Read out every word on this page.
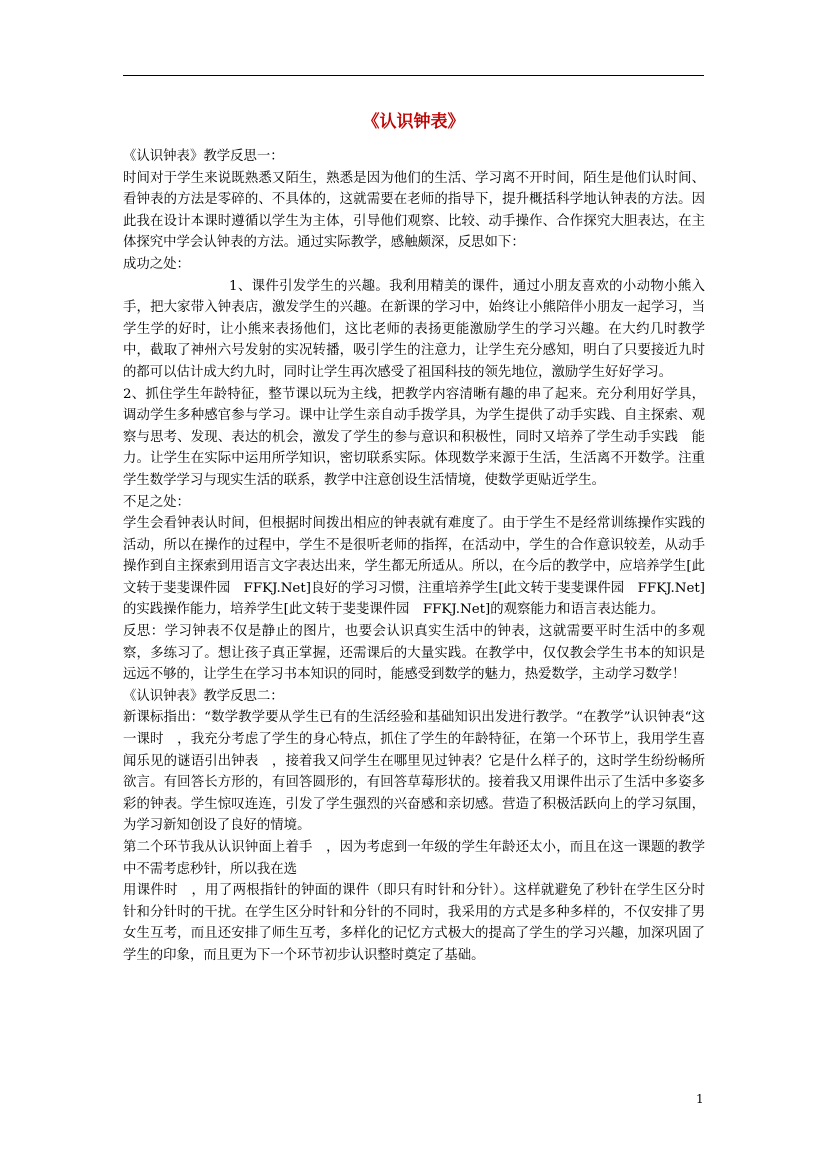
《认识钟表》

《认识钟表》教学反思一：

时间对于学生来说既熟悉又陌生，熟悉是因为他们的生活、学习离不开时间，陌生是他们认时间、看钟表的方法是零碎的、不具体的，这就需要在老师的指导下，提升概括科学地认钟表的方法。因此我在设计本课时遵循以学生为主体，引导他们观察、比较、动手操作、合作探究大胆表达，在主体探究中学会认钟表的方法。通过实际教学，感触颇深，反思如下：

成功之处：

1、课件引发学生的兴趣。我利用精美的课件，通过小朋友喜欢的小动物小熊入手，把大家带入钟表店，激发学生的兴趣。在新课的学习中，始终让小熊陪伴小朋友一起学习，当学生学的好时，让小熊来表扬他们，这比老师的表扬更能激励学生的学习兴趣。在大约几时教学中，截取了神州六号发射的实况转播，吸引学生的注意力，让学生充分感知，明白了只要接近九时的都可以估计成大约九时，同时让学生再次感受了祖国科技的领先地位，激励学生好好学习。

2、抓住学生年龄特征，整节课以玩为主线，把教学内容清晰有趣的串了起来。充分利用好学具，调动学生多种感官参与学习。课中让学生亲自动手拨学具，为学生提供了动手实践、自主探索、观察与思考、发现、表达的机会，激发了学生的参与意识和积极性，同时又培养了学生动手实践　能力。让学生在实际中运用所学知识，密切联系实际。体现数学来源于生活，生活离不开数学。注重学生数学学习与现实生活的联系，教学中注意创设生活情境，使数学更贴近学生。

不足之处：

学生会看钟表认时间，但根据时间拨出相应的钟表就有难度了。由于学生不是经常训练操作实践的活动，所以在操作的过程中，学生不是很听老师的指挥，在活动中，学生的合作意识较差，从动手操作到自主探索到用语言文字表达出来，学生都无所适从。所以，在今后的教学中，应培养学生[此文转于斐斐课件园　FFKJ.Net]良好的学习习惯，注重培养学生[此文转于斐斐课件园　FFKJ.Net]的实践操作能力，培养学生[此文转于斐斐课件园　FFKJ.Net]的观察能力和语言表达能力。

反思：学习钟表不仅是静止的图片，也要会认识真实生活中的钟表，这就需要平时生活中的多观察，多练习了。想让孩子真正掌握，还需课后的大量实践。在教学中，仅仅教会学生书本的知识是远远不够的，让学生在学习书本知识的同时，能感受到数学的魅力，热爱数学，主动学习数学！

《认识钟表》教学反思二：

新课标指出：“数学教学要从学生已有的生活经验和基础知识出发进行教学。“在教学”认识钟表“这一课时　，我充分考虑了学生的身心特点，抓住了学生的年龄特征，在第一个环节上，我用学生喜闻乐见的谜语引出钟表　，接着我又问学生在哪里见过钟表？它是什么样子的，这时学生纷纷畅所欲言。有回答长方形的，有回答圆形的，有回答草莓形状的。接着我又用课件出示了生活中多姿多彩的钟表。学生惊叹连连，引发了学生强烈的兴奋感和亲切感。营造了积极活跃向上的学习氛围，为学习新知创设了良好的情境。

第二个环节我从认识钟面上着手　，因为考虑到一年级的学生年龄还太小，而且在这一课题的教学中不需考虑秒针，所以我在选

用课件时　，用了两根指针的钟面的课件（即只有时针和分针）。这样就避免了秒针在学生区分时针和分针时的干扰。在学生区分时针和分针的不同时，我采用的方式是多种多样的，不仅安排了男女生互考，而且还安排了师生互考，多样化的记忆方式极大的提高了学生的学习兴趣，加深巩固了学生的印象，而且更为下一个环节初步认识整时奠定了基础。

1
